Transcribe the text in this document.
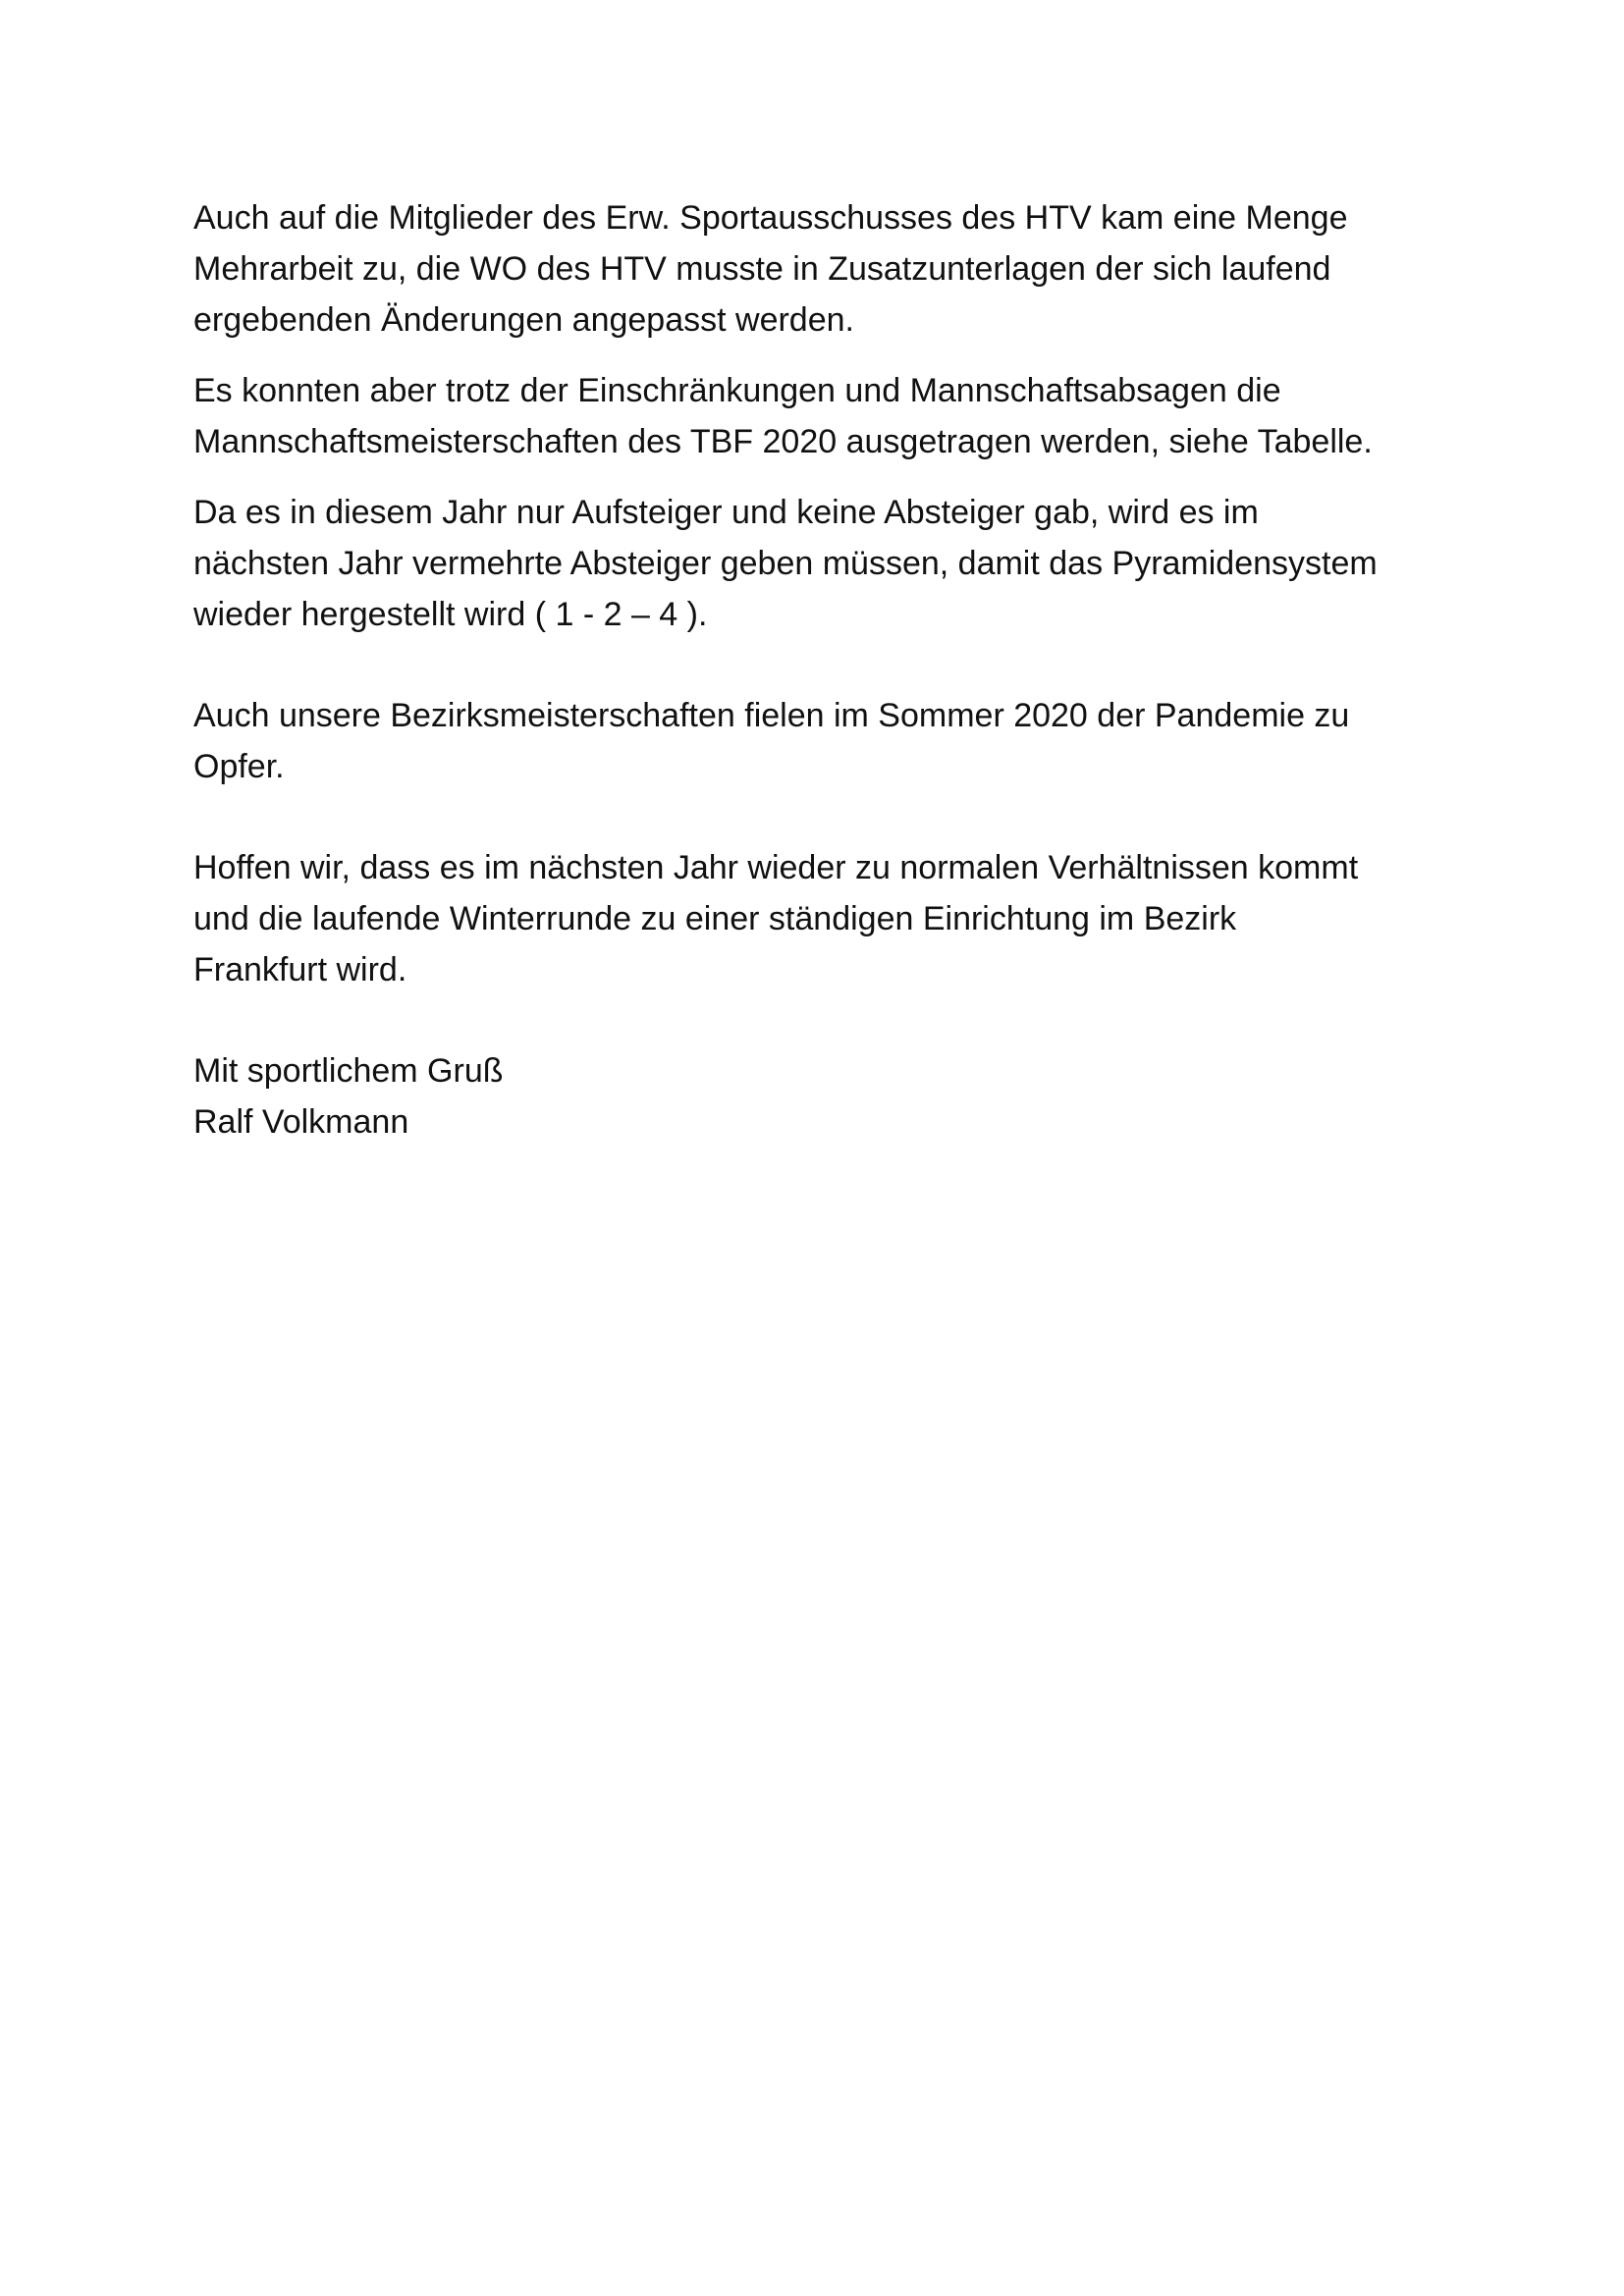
Auch auf die Mitglieder des Erw. Sportausschusses des HTV kam eine Menge
Mehrarbeit zu, die WO des HTV musste in Zusatzunterlagen der sich laufend
ergebenden Änderungen angepasst werden.

Es konnten aber trotz der Einschränkungen und Mannschaftsabsagen die
Mannschaftsmeisterschaften des TBF 2020 ausgetragen werden, siehe Tabelle.

Da es in diesem Jahr nur Aufsteiger und keine Absteiger gab, wird es im
nächsten Jahr vermehrte Absteiger geben müssen, damit das Pyramidensystem
wieder hergestellt wird ( 1 - 2 – 4 ).

Auch unsere Bezirksmeisterschaften fielen im Sommer 2020 der Pandemie zu
Opfer.

Hoffen wir, dass es im nächsten Jahr wieder zu normalen Verhältnissen kommt
und die laufende Winterrunde zu einer ständigen Einrichtung im Bezirk
Frankfurt wird.

Mit sportlichem Gruß
Ralf Volkmann
